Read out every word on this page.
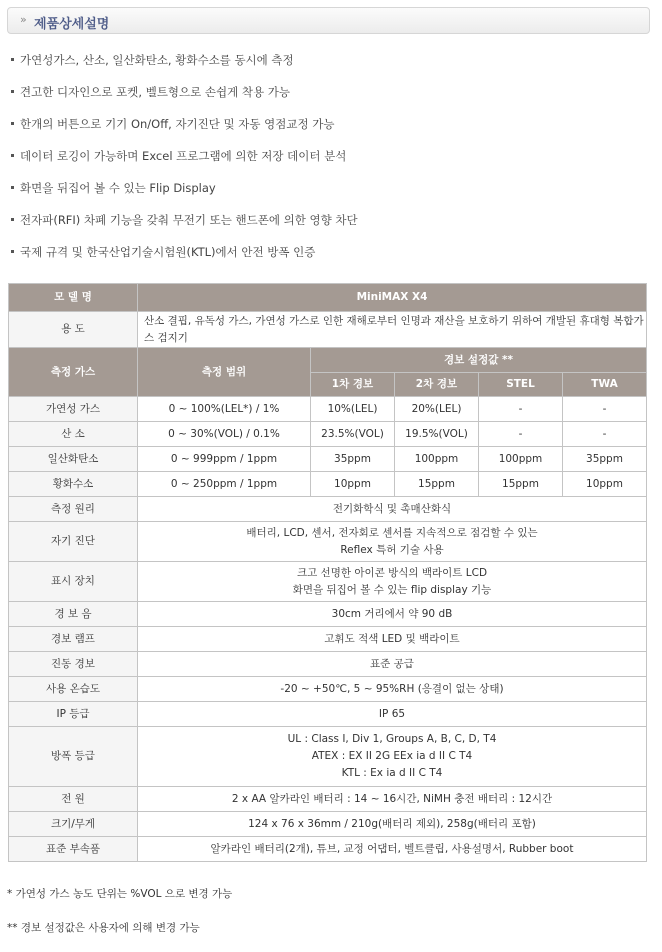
» 제품상세설명
가연성가스, 산소, 일산화탄소, 황화수소를 동시에 측정
견고한 디자인으로 포켓, 벨트형으로 손쉽게 착용 가능
한개의 버튼으로 기기 On/Off, 자기진단 및 자동 영점교정 가능
데이터 로깅이 가능하며 Excel 프로그램에 의한 저장 데이터 분석
화면을 뒤집어 볼 수 있는 Flip Display
전자파(RFI) 차폐 기능을 갖춰 무전기 또는 핸드폰에 의한 영향 차단
국제 규격 및 한국산업기술시험원(KTL)에서 안전 방폭 인증
모 델 명	MiniMAX X4				
용 도	산소 결핍, 유독성 가스, 가연성 가스로 인한 재해로부터 인명과 재산을 보호하기 위하여 개발된 휴대형 복합가스 검지기				
측정 가스	측정 범위	경보 설정값 **			
		1차 경보	2차 경보	STEL	TWA
가연성 가스	0 ~ 100%(LEL*) / 1%	10%(LEL)	20%(LEL)	-	-
산 소	0 ~ 30%(VOL) / 0.1%	23.5%(VOL)	19.5%(VOL)	-	-
일산화탄소	0 ~ 999ppm / 1ppm	35ppm	100ppm	100ppm	35ppm
황화수소	0 ~ 250ppm / 1ppm	10ppm	15ppm	15ppm	10ppm
측정 원리	전기화학식 및 촉매산화식				

자기 진단	배터리, LCD, 센서, 전자회로 센서를 지속적으로 점검할 수 있는
Reflex 특허 기술 사용				

표시 장치	크고 선명한 아이콘 방식의 백라이트 LCD
화면을 뒤집어 볼 수 있는 flip display 기능				

경 보 음	30cm 거리에서 약 90 dB				

경보 램프	고휘도 적색 LED 및 백라이트				

진동 경보	표준 공급				

사용 온습도	-20 ~ +50℃, 5 ~ 95%RH (응결이 없는 상태)				

IP 등급	IP 65				

방폭 등급	UL : Class I, Div 1, Groups A, B, C, D, T4
ATEX : EX II 2G EEx ia d II C T4
KTL : Ex ia d II C T4				

전 원	2 x AA 알카라인 배터리 : 14 ~ 16시간, NiMH 충전 배터리 : 12시간				

크기/무게	124 x 76 x 36mm / 210g(배터리 제외), 258g(배터리 포함)				

표준 부속품	알카라인 배터리(2개), 튜브, 교정 어댑터, 벨트클립, 사용설명서, Rubber boot				
* 가연성 가스 농도 단위는 %VOL 으로 변경 가능
** 경보 설정값은 사용자에 의해 변경 가능
